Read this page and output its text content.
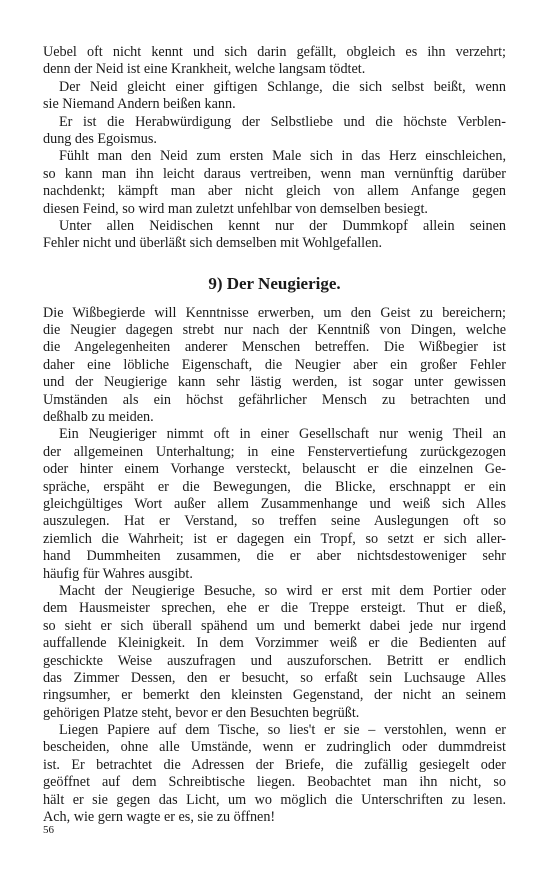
Uebel oft nicht kennt und sich darin gefällt, obgleich es ihn verzehrt;
denn der Neid ist eine Krankheit, welche langsam tödtet.
Der Neid gleicht einer giftigen Schlange, die sich selbst beißt, wenn
sie Niemand Andern beißen kann.
Er ist die Herabwürdigung der Selbstliebe und die höchste Verblen-
dung des Egoismus.
Fühlt man den Neid zum ersten Male sich in das Herz einschleichen,
so kann man ihn leicht daraus vertreiben, wenn man vernünftig darüber
nachdenkt; kämpft man aber nicht gleich von allem Anfange gegen
diesen Feind, so wird man zuletzt unfehlbar von demselben besiegt.
Unter allen Neidischen kennt nur der Dummkopf allein seinen
Fehler nicht und überläßt sich demselben mit Wohlgefallen.
9) Der Neugierige.
Die Wißbegierde will Kenntnisse erwerben, um den Geist zu bereichern;
die Neugier dagegen strebt nur nach der Kenntniß von Dingen, welche
die Angelegenheiten anderer Menschen betreffen. Die Wißbegier ist
daher eine löbliche Eigenschaft, die Neugier aber ein großer Fehler
und der Neugierige kann sehr lästig werden, ist sogar unter gewissen
Umständen als ein höchst gefährlicher Mensch zu betrachten und
deßhalb zu meiden.
Ein Neugieriger nimmt oft in einer Gesellschaft nur wenig Theil an
der allgemeinen Unterhaltung; in eine Fenstervertiefung zurückgezogen
oder hinter einem Vorhange versteckt, belauscht er die einzelnen Ge-
spräche, erspäht er die Bewegungen, die Blicke, erschnappt er ein
gleichgültiges Wort außer allem Zusammenhange und weiß sich Alles
auszulegen. Hat er Verstand, so treffen seine Auslegungen oft so
ziemlich die Wahrheit; ist er dagegen ein Tropf, so setzt er sich aller-
hand Dummheiten zusammen, die er aber nichtsdestoweniger sehr
häufig für Wahres ausgibt.
Macht der Neugierige Besuche, so wird er erst mit dem Portier oder
dem Hausmeister sprechen, ehe er die Treppe ersteigt. Thut er dieß,
so sieht er sich überall spähend um und bemerkt dabei jede nur irgend
auffallende Kleinigkeit. In dem Vorzimmer weiß er die Bedienten auf
geschickte Weise auszufragen und auszuforschen. Betritt er endlich
das Zimmer Dessen, den er besucht, so erfaßt sein Luchsauge Alles
ringsumher, er bemerkt den kleinsten Gegenstand, der nicht an seinem
gehörigen Platze steht, bevor er den Besuchten begrüßt.
Liegen Papiere auf dem Tische, so lies't er sie – verstohlen, wenn er
bescheiden, ohne alle Umstände, wenn er zudringlich oder dummdreist
ist. Er betrachtet die Adressen der Briefe, die zufällig gesiegelt oder
geöffnet auf dem Schreibtische liegen. Beobachtet man ihn nicht, so
hält er sie gegen das Licht, um wo möglich die Unterschriften zu lesen.
Ach, wie gern wagte er es, sie zu öffnen!
56
